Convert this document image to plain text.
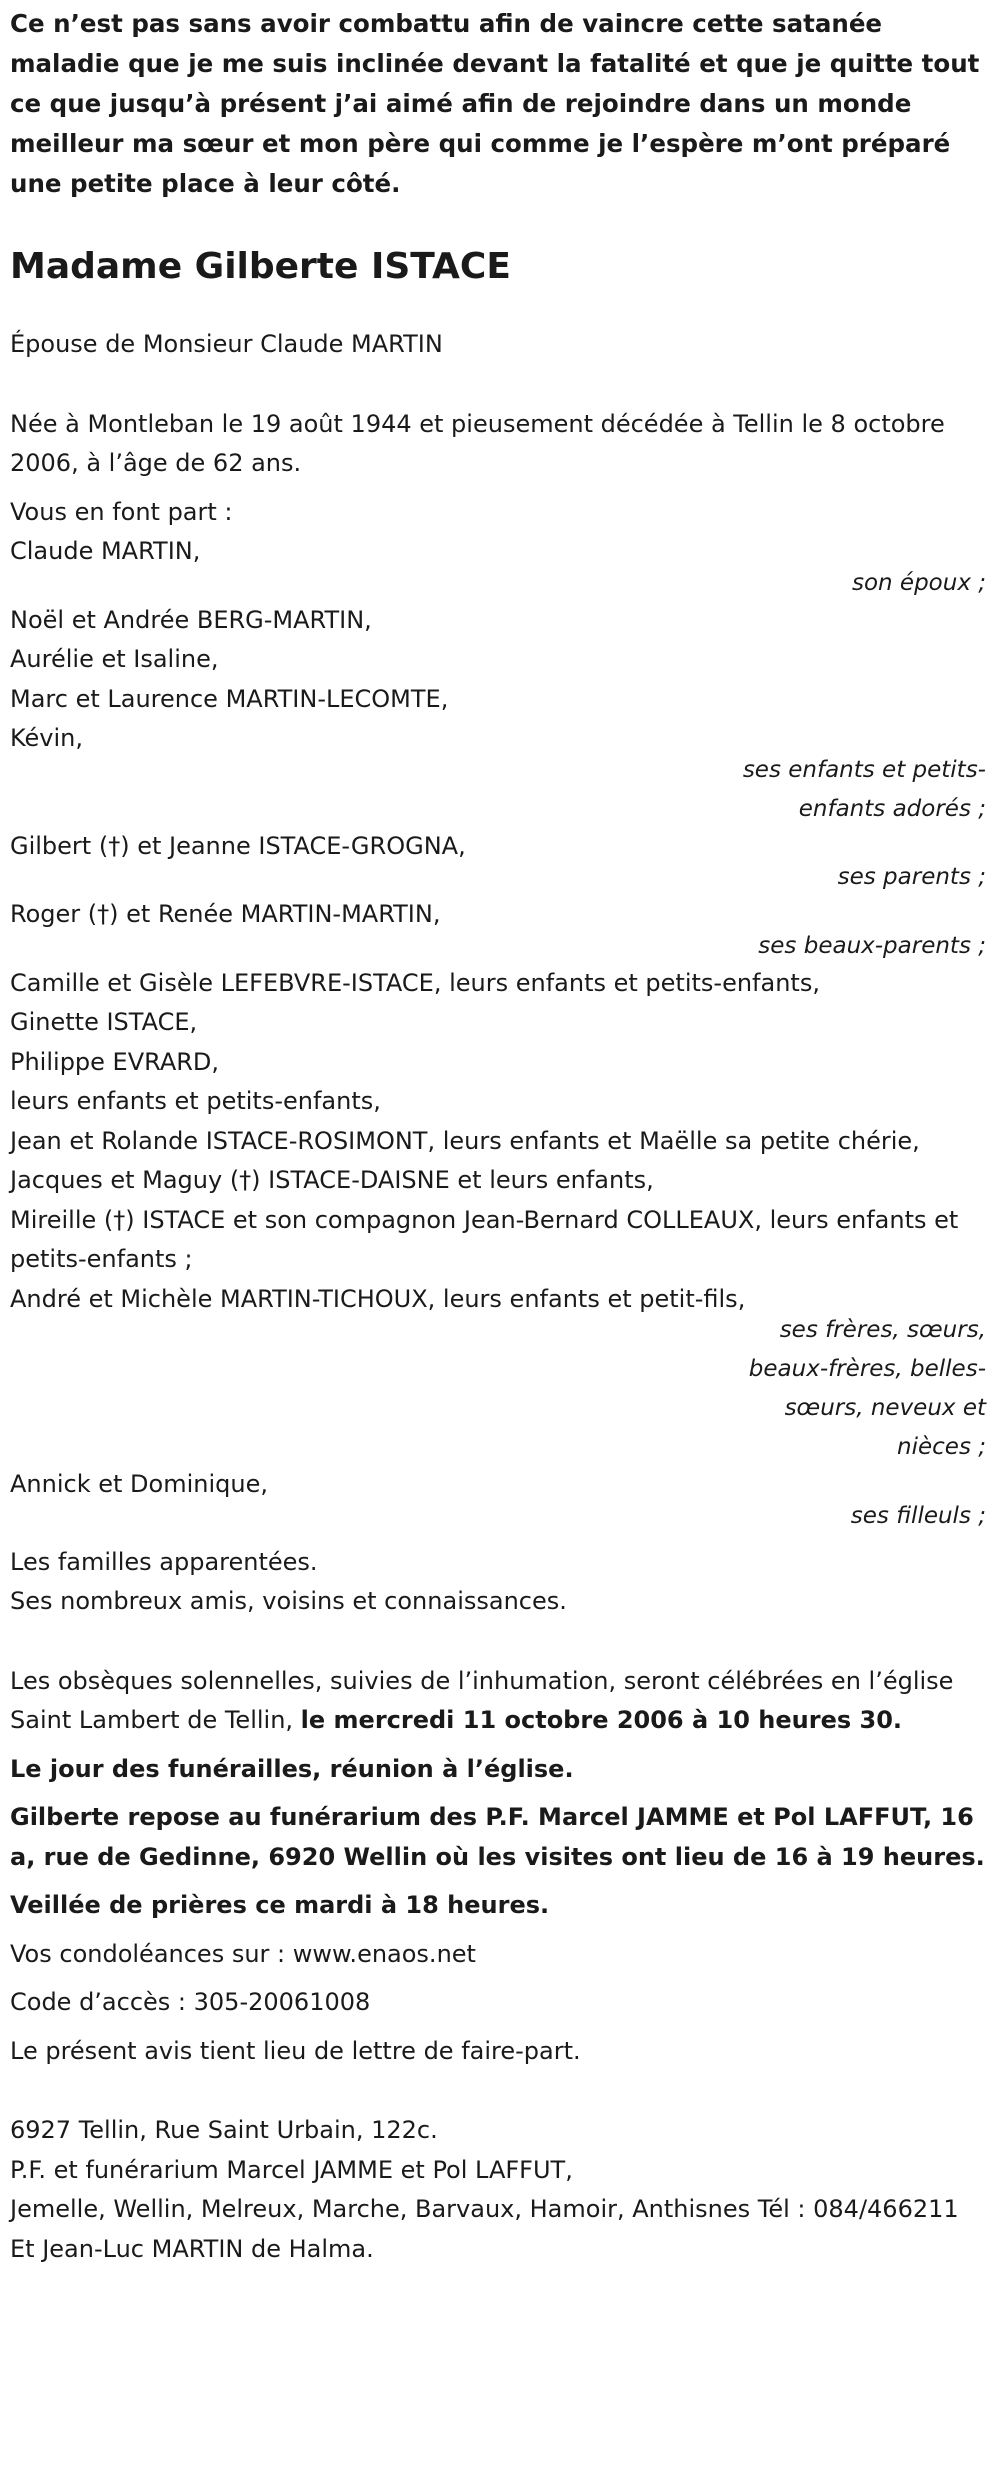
Ce n’est pas sans avoir combattu afin de vaincre cette satanée maladie que je me suis inclinée devant la fatalité et que je quitte tout ce que jusqu’à présent j’ai aimé afin de rejoindre dans un monde meilleur ma sœur et mon père qui comme je l’espère m’ont préparé une petite place à leur côté.

Madame Gilberte ISTACE
Épouse de Monsieur Claude MARTIN
Née à Montleban le 19 août 1944 et pieusement décédée à Tellin le 8 octobre 2006, à l’âge de 62 ans.
Vous en font part :
Claude MARTIN,
son époux ;
Noël et Andrée BERG-MARTIN,
Aurélie et Isaline,
Marc et Laurence MARTIN-LECOMTE,
Kévin,
ses enfants et petits-enfants adorés ;
Gilbert (†) et Jeanne ISTACE-GROGNA,
ses parents ;
Roger (†) et Renée MARTIN-MARTIN,
ses beaux-parents ;
Camille et Gisèle LEFEBVRE-ISTACE, leurs enfants et petits-enfants,
Ginette ISTACE,
Philippe EVRARD,
leurs enfants et petits-enfants,
Jean et Rolande ISTACE-ROSIMONT, leurs enfants et Maëlle sa petite chérie,
Jacques et Maguy (†) ISTACE-DAISNE et leurs enfants,
Mireille (†) ISTACE et son compagnon Jean-Bernard COLLEAUX, leurs enfants et petits-enfants ;
André et Michèle MARTIN-TICHOUX, leurs enfants et petit-fils,
ses frères, sœurs, beaux-frères, belles-sœurs, neveux et nièces ;
Annick et Dominique,
ses filleuls ;
Les familles apparentées.
Ses nombreux amis, voisins et connaissances.
Les obsèques solennelles, suivies de l’inhumation, seront célébrées en l’église Saint Lambert de Tellin, le mercredi 11 octobre 2006 à 10 heures 30.
Le jour des funérailles, réunion à l’église.
Gilberte repose au funérarium des P.F. Marcel JAMME et Pol LAFFUT, 16 a, rue de Gedinne, 6920 Wellin où les visites ont lieu de 16 à 19 heures.
Veillée de prières ce mardi à 18 heures.
Vos condoléances sur : www.enaos.net
Code d’accès : 305-20061008
Le présent avis tient lieu de lettre de faire-part.
6927 Tellin, Rue Saint Urbain, 122c.
P.F. et funérarium Marcel JAMME et Pol LAFFUT,
Jemelle, Wellin, Melreux, Marche, Barvaux, Hamoir, Anthisnes Tél : 084/466211
Et Jean-Luc MARTIN de Halma.
